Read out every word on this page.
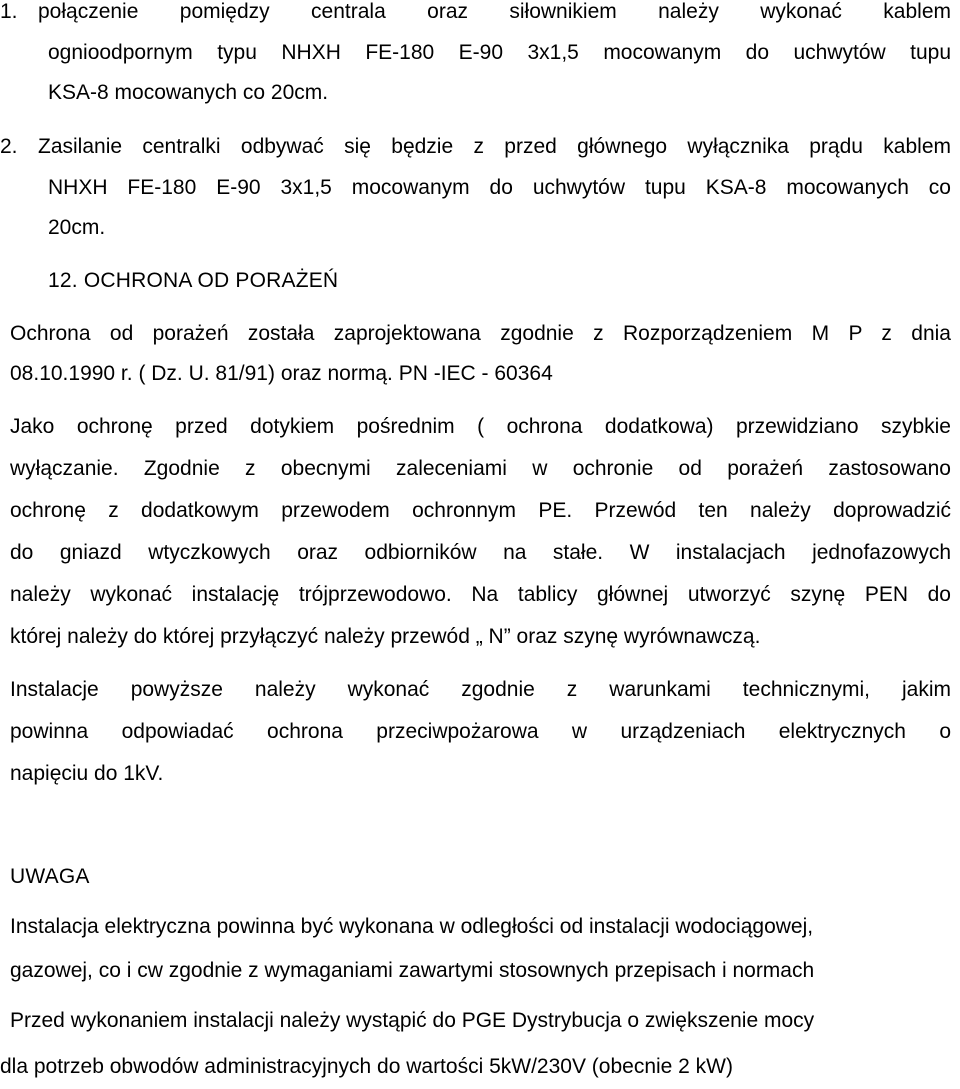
1. połączenie pomiędzy centrala oraz siłownikiem należy wykonać kablem
ognioodpornym typu NHXH FE-180 E-90 3x1,5 mocowanym do uchwytów tupu
KSA-8 mocowanych co 20cm.
2. Zasilanie centralki odbywać się będzie z przed głównego wyłącznika prądu kablem
NHXH FE-180 E-90 3x1,5 mocowanym do uchwytów tupu KSA-8 mocowanych co
20cm.
12. OCHRONA OD PORAŻEŃ
Ochrona od porażeń została zaprojektowana zgodnie z Rozporządzeniem M P z dnia
08.10.1990 r. ( Dz. U. 81/91) oraz normą. PN -IEC - 60364
Jako ochronę przed dotykiem pośrednim ( ochrona dodatkowa) przewidziano szybkie
wyłączanie. Zgodnie z obecnymi zaleceniami w ochronie od porażeń zastosowano
ochronę z dodatkowym przewodem ochronnym PE. Przewód ten należy doprowadzić
do gniazd wtyczkowych oraz odbiorników na stałe. W instalacjach jednofazowych
należy wykonać instalację trójprzewodowo. Na tablicy głównej utworzyć szynę PEN do
której należy do której przyłączyć należy przewód „ N” oraz szynę wyrównawczą.
Instalacje powyższe należy wykonać zgodnie z warunkami technicznymi, jakim
powinna odpowiadać ochrona przeciwpożarowa w urządzeniach elektrycznych o
napięciu do 1kV.
UWAGA
Instalacja elektryczna powinna być wykonana w odległości od instalacji wodociągowej,
gazowej, co i cw zgodnie z wymaganiami zawartymi stosownych przepisach i normach
Przed wykonaniem instalacji należy wystąpić do PGE Dystrybucja o zwiększenie mocy
dla potrzeb obwodów administracyjnych do wartości 5kW/230V (obecnie 2 kW)
